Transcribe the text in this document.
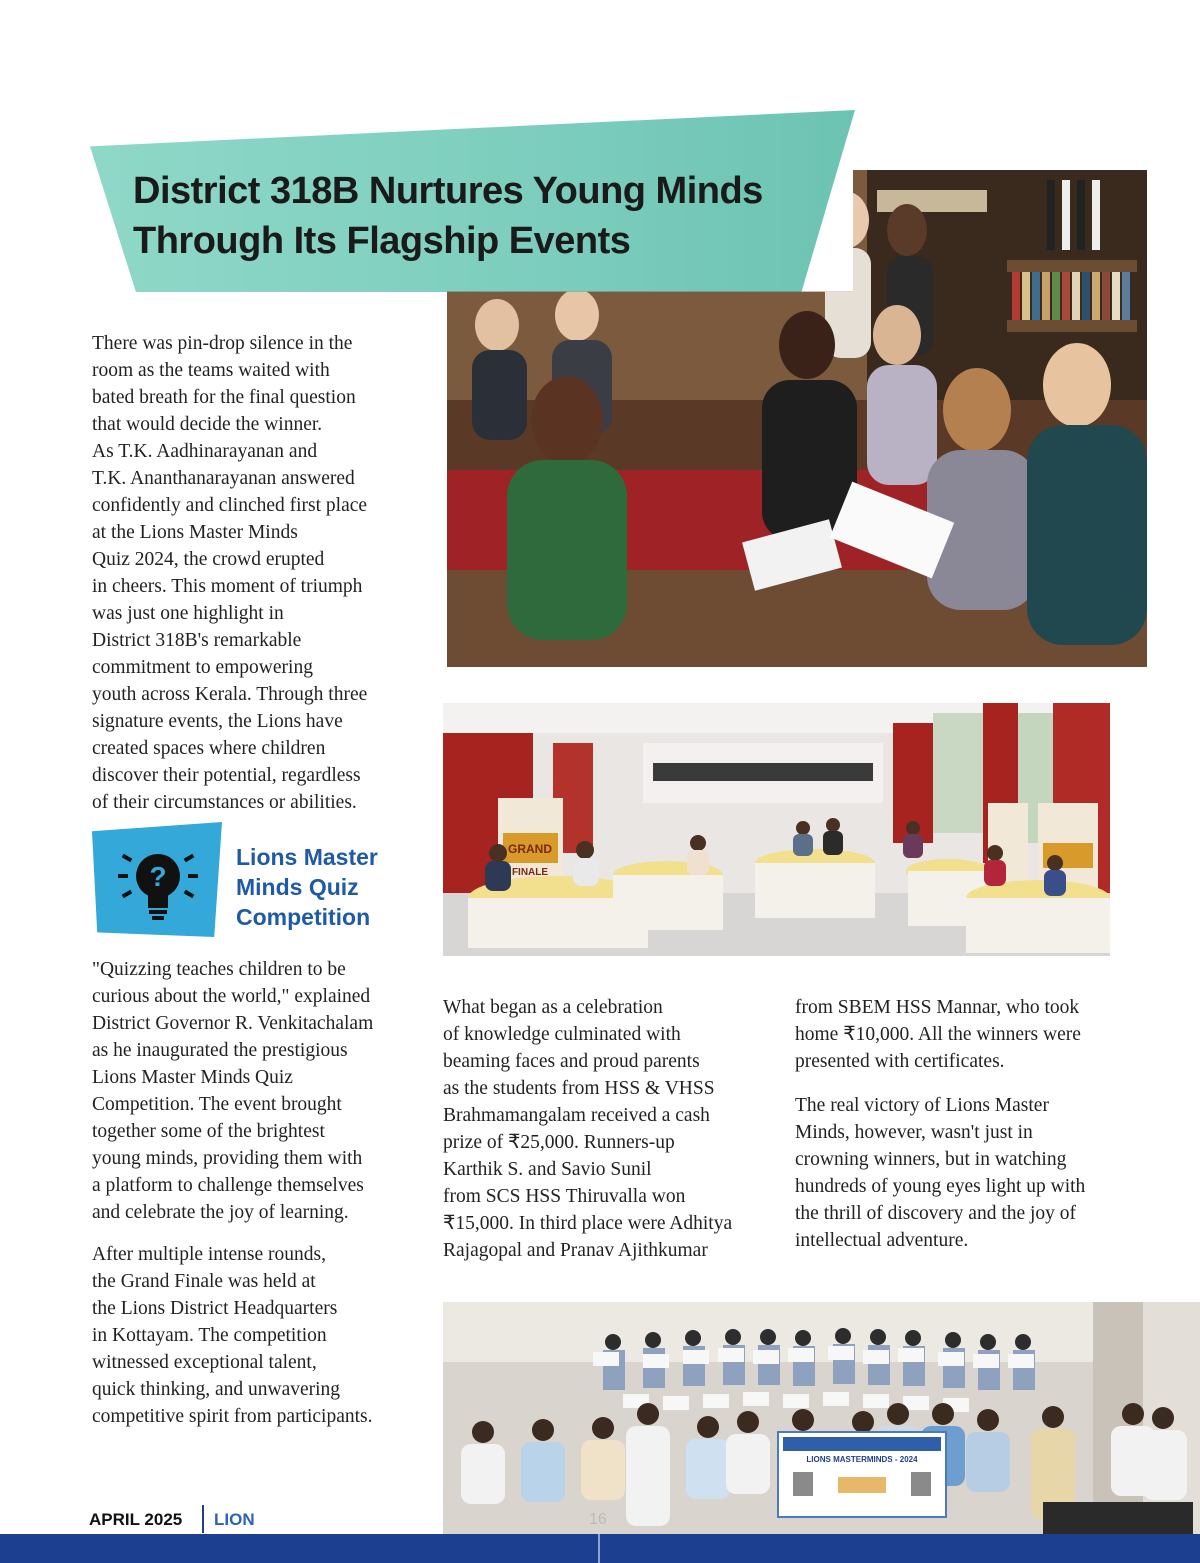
District 318B Nurtures Young Minds
Through Its Flagship Events
There was pin-drop silence in the
room as the teams waited with
bated breath for the final question
that would decide the winner.
As T.K. Aadhinarayanan and
T.K. Ananthanarayanan answered
confidently and clinched first place
at the Lions Master Minds
Quiz 2024, the crowd erupted
in cheers. This moment of triumph
was just one highlight in
District 318B's remarkable
commitment to empowering
youth across Kerala. Through three
signature events, the Lions have
created spaces where children
discover their potential, regardless
of their circumstances or abilities.
GRAND
FINALE
?
Lions Master
Minds Quiz
Competition
"Quizzing teaches children to be
curious about the world," explained
District Governor R. Venkitachalam
as he inaugurated the prestigious
Lions Master Minds Quiz
Competition. The event brought
together some of the brightest
young minds, providing them with
a platform to challenge themselves
and celebrate the joy of learning.
After multiple intense rounds,
the Grand Finale was held at
the Lions District Headquarters
in Kottayam. The competition
witnessed exceptional talent,
quick thinking, and unwavering
competitive spirit from participants.
What began as a celebration
of knowledge culminated with
beaming faces and proud parents
as the students from HSS & VHSS
Brahmamangalam received a cash
prize of ₹25,000. Runners-up
Karthik S. and Savio Sunil
from SCS HSS Thiruvalla won
₹15,000. In third place were Adhitya
Rajagopal and Pranav Ajithkumar
from SBEM HSS Mannar, who took
home ₹10,000. All the winners were
presented with certificates.
The real victory of Lions Master
Minds, however, wasn't just in
crowning winners, but in watching
hundreds of young eyes light up with
the thrill of discovery and the joy of
intellectual adventure.
LIONS MASTERMINDS - 2024
APRIL 2025 LION	16
